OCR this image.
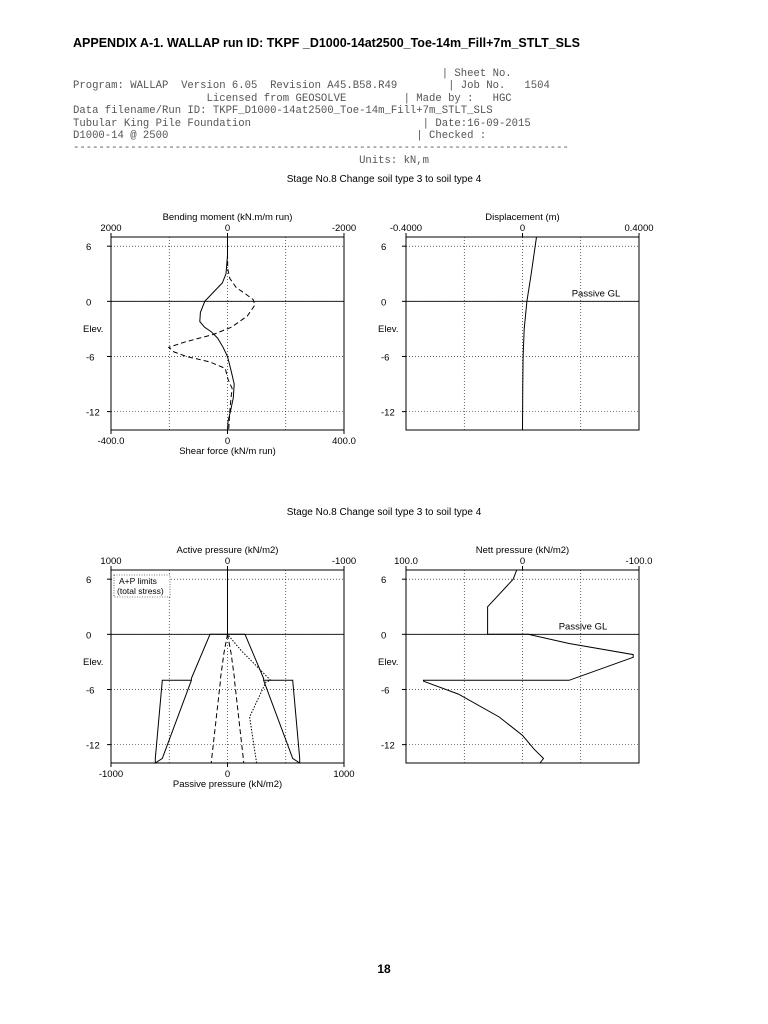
APPENDIX A-1. WALLAP run ID: TKPF _D1000-14at2500_Toe-14m_Fill+7m_STLT_SLS
| Sheet No.
Program: WALLAP  Version 6.05  Revision A45.B58.R49        | Job No.   1504
Licensed from GEOSOLVE         | Made by :   HGC
Data filename/Run ID: TKPF_D1000-14at2500_Toe-14m_Fill+7m_STLT_SLS
Tubular King Pile Foundation                           | Date:16-09-2015
D1000-14 @ 2500                                       | Checked :
------------------------------------------------------------------------------
Units: kN,m
Stage No.8 Change soil type 3 to soil type 4
Bending moment (kN.m/m run)
6
0
-6
-12
2000	0	-2000
-400.0	0	400.0
Elev.
Shear force (kN/m run)
Displacement (m)
6
0
-6
-12
-0.4000	0	0.4000
Elev.
Passive GL
Stage No.8 Change soil type 3 to soil type 4
Active pressure (kN/m2)
6
0
-6
-12
1000	0	-1000
-1000	0	1000
Elev.
Passive pressure (kN/m2)
A+P limits
(total stress)
Nett pressure (kN/m2)
6
0
-6
-12
100.0	0	-100.0
Elev.
Passive GL
18
